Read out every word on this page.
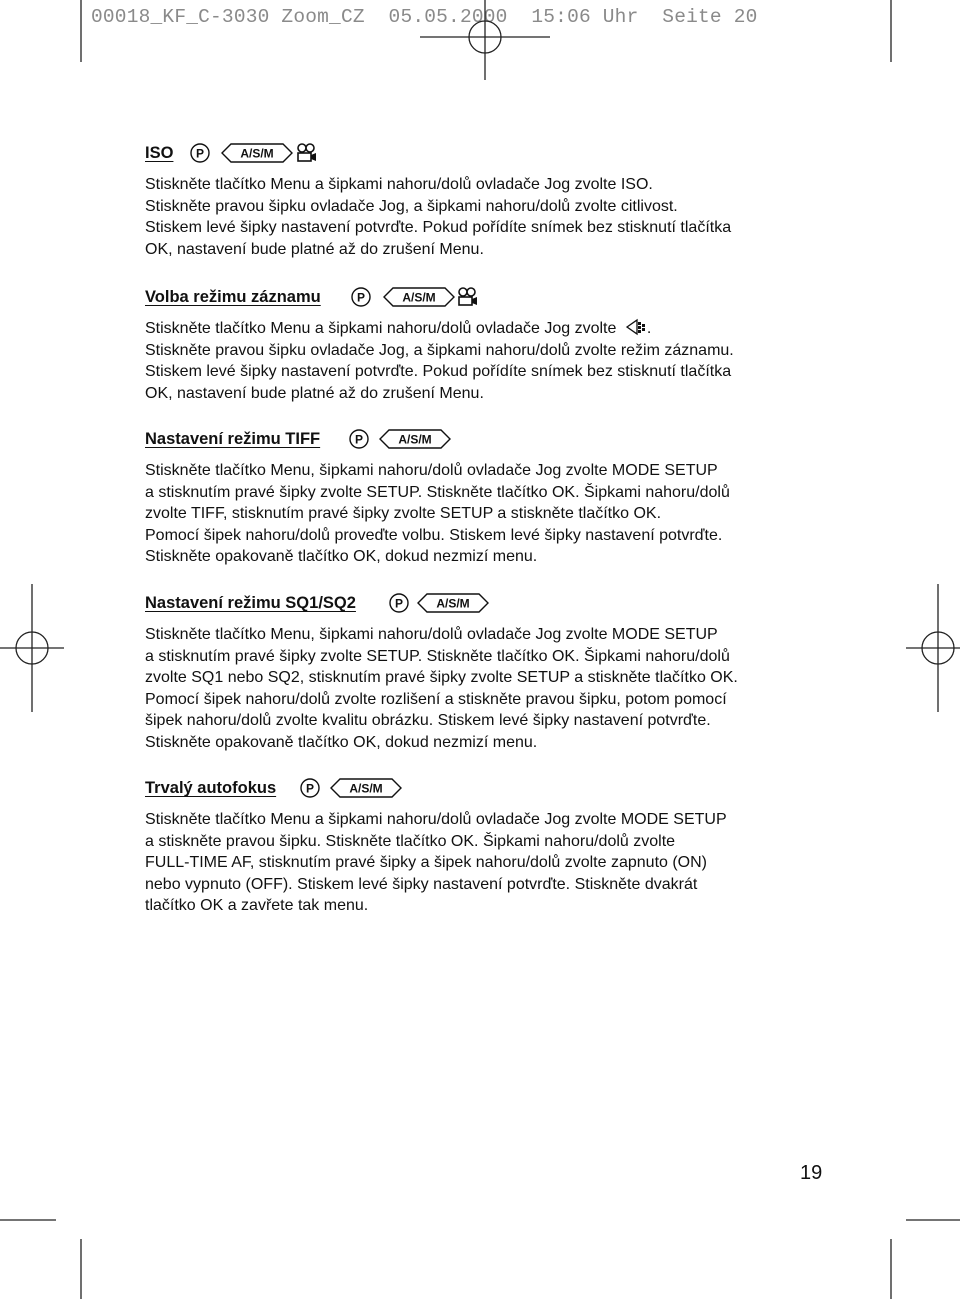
00018_KF_C-3030 Zoom_CZ  05.05.2000  15:06 Uhr  Seite 20
ISO P	A/S/M
Stiskněte tlačítko Menu a šipkami nahoru/dolů ovladače Jog zvolte ISO.
Stiskněte pravou šipku ovladače Jog, a šipkami nahoru/dolů zvolte citlivost.
Stiskem levé šipky nastavení potvrďte. Pokud pořídíte snímek bez stisknutí tlačítka
OK, nastavení bude platné až do zrušení Menu.
Volba režimu záznamu	P	A/S/M
Stiskněte tlačítko Menu a šipkami nahoru/dolů ovladače Jog zvolte .
Stiskněte pravou šipku ovladače Jog, a šipkami nahoru/dolů zvolte režim záznamu.
Stiskem levé šipky nastavení potvrďte. Pokud pořídíte snímek bez stisknutí tlačítka
OK, nastavení bude platné až do zrušení Menu.
Nastavení režimu TIFF	P	A/S/M
Stiskněte tlačítko Menu, šipkami nahoru/dolů ovladače Jog zvolte MODE SETUP
a stisknutím pravé šipky zvolte SETUP. Stiskněte tlačítko OK. Šipkami nahoru/dolů
zvolte TIFF, stisknutím pravé šipky zvolte SETUP a stiskněte tlačítko OK.
Pomocí šipek nahoru/dolů proveďte volbu. Stiskem levé šipky nastavení potvrďte.
Stiskněte opakovaně tlačítko OK, dokud nezmizí menu.
Nastavení režimu SQ1/SQ2	P	A/S/M
Stiskněte tlačítko Menu, šipkami nahoru/dolů ovladače Jog zvolte MODE SETUP
a stisknutím pravé šipky zvolte SETUP. Stiskněte tlačítko OK. Šipkami nahoru/dolů
zvolte SQ1 nebo SQ2, stisknutím pravé šipky zvolte SETUP a stiskněte tlačítko OK.
Pomocí šipek nahoru/dolů zvolte rozlišení a stiskněte pravou šipku, potom pomocí
šipek nahoru/dolů zvolte kvalitu obrázku. Stiskem levé šipky nastavení potvrďte.
Stiskněte opakovaně tlačítko OK, dokud nezmizí menu.
Trvalý autofokus P	A/S/M
Stiskněte tlačítko Menu a šipkami nahoru/dolů ovladače Jog zvolte MODE SETUP
a stiskněte pravou šipku. Stiskněte tlačítko OK. Šipkami nahoru/dolů zvolte
FULL-TIME AF, stisknutím pravé šipky a šipek nahoru/dolů zvolte zapnuto (ON)
nebo vypnuto (OFF). Stiskem levé šipky nastavení potvrďte. Stiskněte dvakrát
tlačítko OK a zavřete tak menu.
19
